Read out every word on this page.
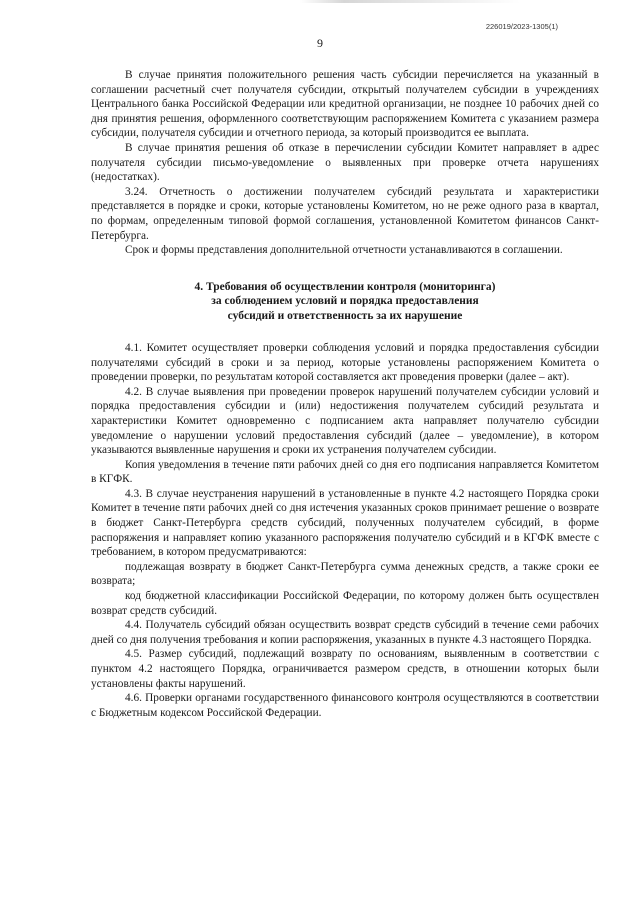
226019/2023-1305(1)
9

В случае принятия положительного решения часть субсидии перечисляется на указанный в соглашении расчетный счет получателя субсидии, открытый получателем субсидии в учреждениях Центрального банка Российской Федерации или кредитной организации, не позднее 10 рабочих дней со дня принятия решения, оформленного соответствующим распоряжением Комитета с указанием размера субсидии, получателя субсидии и отчетного периода, за который производится ее выплата.

В случае принятия решения об отказе в перечислении субсидии Комитет направляет в адрес получателя субсидии письмо-уведомление о выявленных при проверке отчета нарушениях (недостатках).

3.24. Отчетность о достижении получателем субсидий результата и характеристики представляется в порядке и сроки, которые установлены Комитетом, но не реже одного раза в квартал, по формам, определенным типовой формой соглашения, установленной Комитетом финансов Санкт-Петербурга.

Срок и формы представления дополнительной отчетности устанавливаются в соглашении.

4. Требования об осуществлении контроля (мониторинга)
за соблюдением условий и порядка предоставления
субсидий и ответственность за их нарушение

4.1. Комитет осуществляет проверки соблюдения условий и порядка предоставления субсидии получателями субсидий в сроки и за период, которые установлены распоряжением Комитета о проведении проверки, по результатам которой составляется акт проведения проверки (далее – акт).

4.2. В случае выявления при проведении проверок нарушений получателем субсидии условий и порядка предоставления субсидии и (или) недостижения получателем субсидий результата и характеристики Комитет одновременно с подписанием акта направляет получателю субсидии уведомление о нарушении условий предоставления субсидий (далее – уведомление), в котором указываются выявленные нарушения и сроки их устранения получателем субсидии.

Копия уведомления в течение пяти рабочих дней со дня его подписания направляется Комитетом в КГФК.

4.3. В случае неустранения нарушений в установленные в пункте 4.2 настоящего Порядка сроки Комитет в течение пяти рабочих дней со дня истечения указанных сроков принимает решение о возврате в бюджет Санкт-Петербурга средств субсидий, полученных получателем субсидий, в форме распоряжения и направляет копию указанного распоряжения получателю субсидий и в КГФК вместе с требованием, в котором предусматриваются:

подлежащая возврату в бюджет Санкт-Петербурга сумма денежных средств, а также сроки ее возврата;

код бюджетной классификации Российской Федерации, по которому должен быть осуществлен возврат средств субсидий.

4.4. Получатель субсидий обязан осуществить возврат средств субсидий в течение семи рабочих дней со дня получения требования и копии распоряжения, указанных в пункте 4.3 настоящего Порядка.

4.5. Размер субсидий, подлежащий возврату по основаниям, выявленным в соответствии с пунктом 4.2 настоящего Порядка, ограничивается размером средств, в отношении которых были установлены факты нарушений.

4.6. Проверки органами государственного финансового контроля осуществляются в соответствии с Бюджетным кодексом Российской Федерации.
